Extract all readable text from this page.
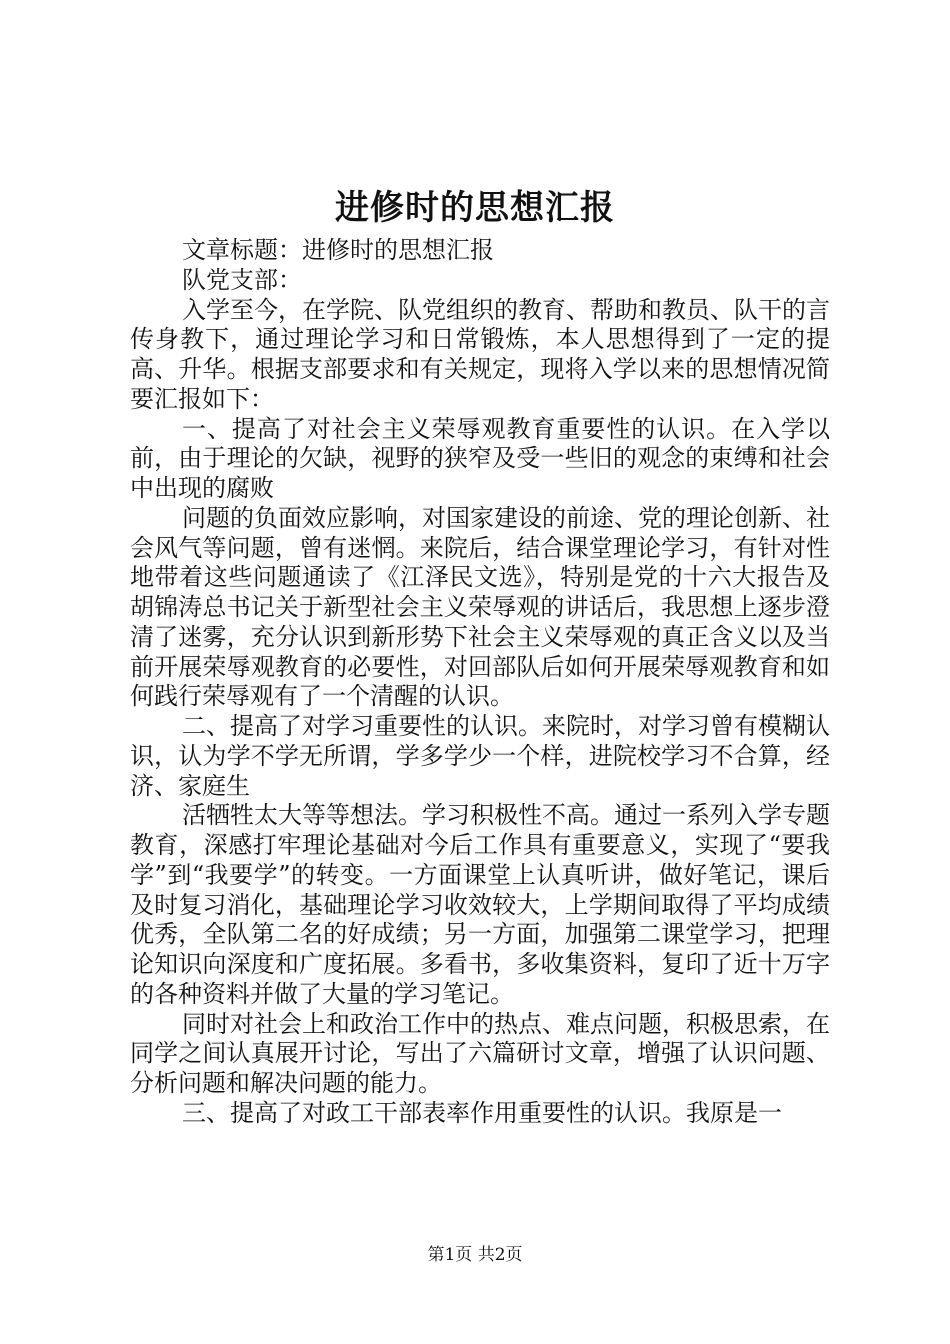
进修时的思想汇报

文章标题：进修时的思想汇报

队党支部：

入学至今，在学院、队党组织的教育、帮助和教员、队干的言传身教下，通过理论学习和日常锻炼，本人思想得到了一定的提高、升华。根据支部要求和有关规定，现将入学以来的思想情况简要汇报如下：

一、提高了对社会主义荣辱观教育重要性的认识。在入学以前，由于理论的欠缺，视野的狭窄及受一些旧的观念的束缚和社会中出现的腐败

问题的负面效应影响，对国家建设的前途、党的理论创新、社会风气等问题，曾有迷惘。来院后，结合课堂理论学习，有针对性地带着这些问题通读了《江泽民文选》，特别是党的十六大报告及胡锦涛总书记关于新型社会主义荣辱观的讲话后，我思想上逐步澄清了迷雾，充分认识到新形势下社会主义荣辱观的真正含义以及当前开展荣辱观教育的必要性，对回部队后如何开展荣辱观教育和如何践行荣辱观有了一个清醒的认识。

二、提高了对学习重要性的认识。来院时，对学习曾有模糊认识，认为学不学无所谓，学多学少一个样，进院校学习不合算，经济、家庭生

活牺牲太大等等想法。学习积极性不高。通过一系列入学专题教育，深感打牢理论基础对今后工作具有重要意义，实现了“要我学”到“我要学”的转变。一方面课堂上认真听讲，做好笔记，课后及时复习消化，基础理论学习收效较大，上学期间取得了平均成绩优秀，全队第二名的好成绩；另一方面，加强第二课堂学习，把理论知识向深度和广度拓展。多看书，多收集资料，复印了近十万字的各种资料并做了大量的学习笔记。

同时对社会上和政治工作中的热点、难点问题，积极思索，在同学之间认真展开讨论，写出了六篇研讨文章，增强了认识问题、分析问题和解决问题的能力。

三、提高了对政工干部表率作用重要性的认识。我原是一

第1页 共2页
